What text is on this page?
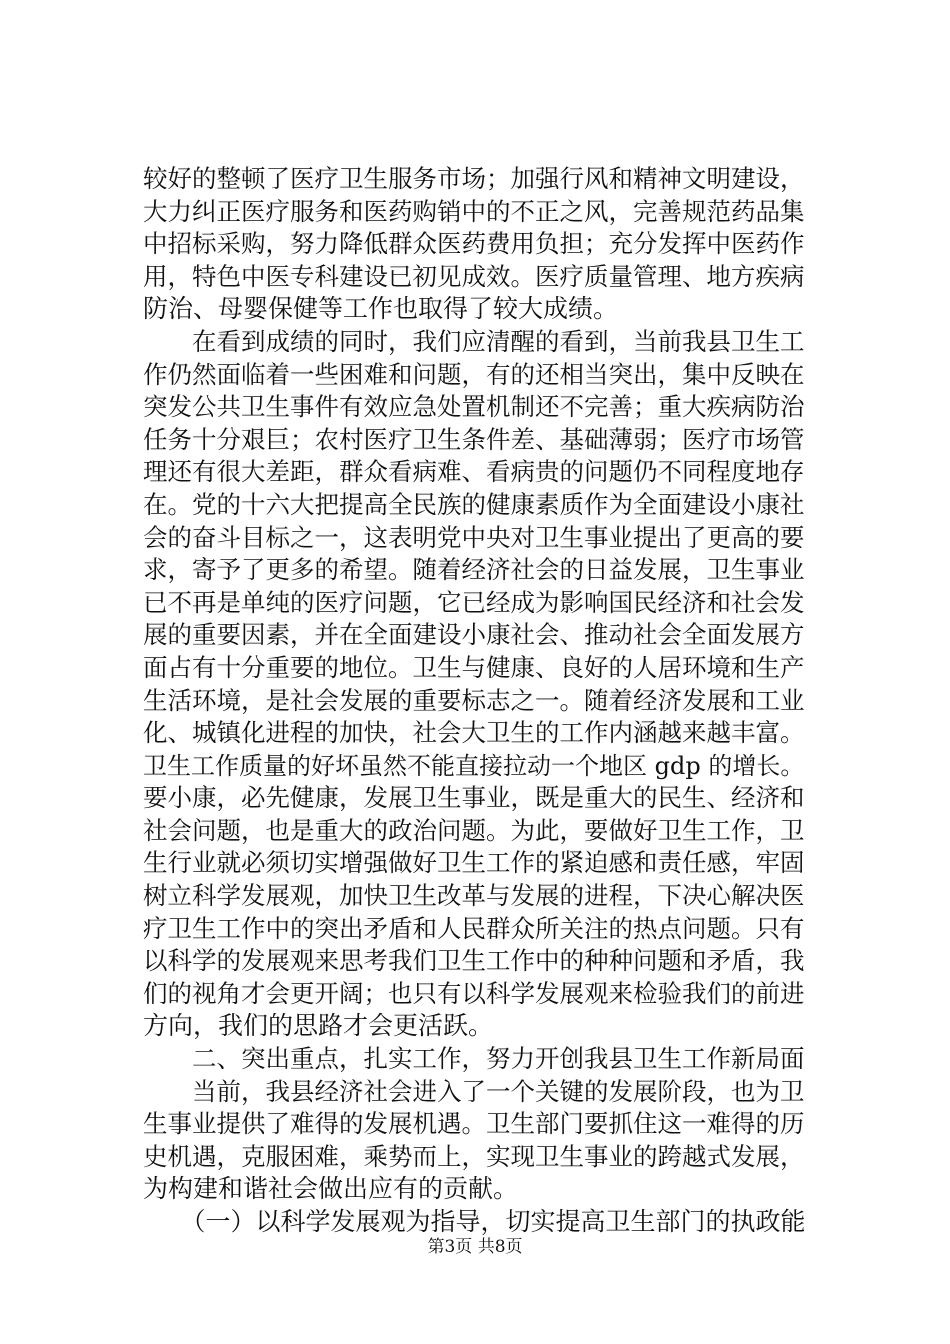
较好的整顿了医疗卫生服务市场；加强行风和精神文明建设，
大力纠正医疗服务和医药购销中的不正之风，完善规范药品集
中招标采购，努力降低群众医药费用负担；充分发挥中医药作
用，特色中医专科建设已初见成效。医疗质量管理、地方疾病
防治、母婴保健等工作也取得了较大成绩。
　　在看到成绩的同时，我们应清醒的看到，当前我县卫生工
作仍然面临着一些困难和问题，有的还相当突出，集中反映在
突发公共卫生事件有效应急处置机制还不完善；重大疾病防治
任务十分艰巨；农村医疗卫生条件差、基础薄弱；医疗市场管
理还有很大差距，群众看病难、看病贵的问题仍不同程度地存
在。党的十六大把提高全民族的健康素质作为全面建设小康社
会的奋斗目标之一，这表明党中央对卫生事业提出了更高的要
求，寄予了更多的希望。随着经济社会的日益发展，卫生事业
已不再是单纯的医疗问题，它已经成为影响国民经济和社会发
展的重要因素，并在全面建设小康社会、推动社会全面发展方
面占有十分重要的地位。卫生与健康、良好的人居环境和生产
生活环境，是社会发展的重要标志之一。随着经济发展和工业
化、城镇化进程的加快，社会大卫生的工作内涵越来越丰富。
卫生工作质量的好坏虽然不能直接拉动一个地区 gdp 的增长。
要小康，必先健康，发展卫生事业，既是重大的民生、经济和
社会问题，也是重大的政治问题。为此，要做好卫生工作，卫
生行业就必须切实增强做好卫生工作的紧迫感和责任感，牢固
树立科学发展观，加快卫生改革与发展的进程，下决心解决医
疗卫生工作中的突出矛盾和人民群众所关注的热点问题。只有
以科学的发展观来思考我们卫生工作中的种种问题和矛盾，我
们的视角才会更开阔；也只有以科学发展观来检验我们的前进
方向，我们的思路才会更活跃。
　　二、突出重点，扎实工作，努力开创我县卫生工作新局面
　　当前，我县经济社会进入了一个关键的发展阶段，也为卫
生事业提供了难得的发展机遇。卫生部门要抓住这一难得的历
史机遇，克服困难，乘势而上，实现卫生事业的跨越式发展，
为构建和谐社会做出应有的贡献。
　　（一）以科学发展观为指导，切实提高卫生部门的执政能
第3页 共8页
